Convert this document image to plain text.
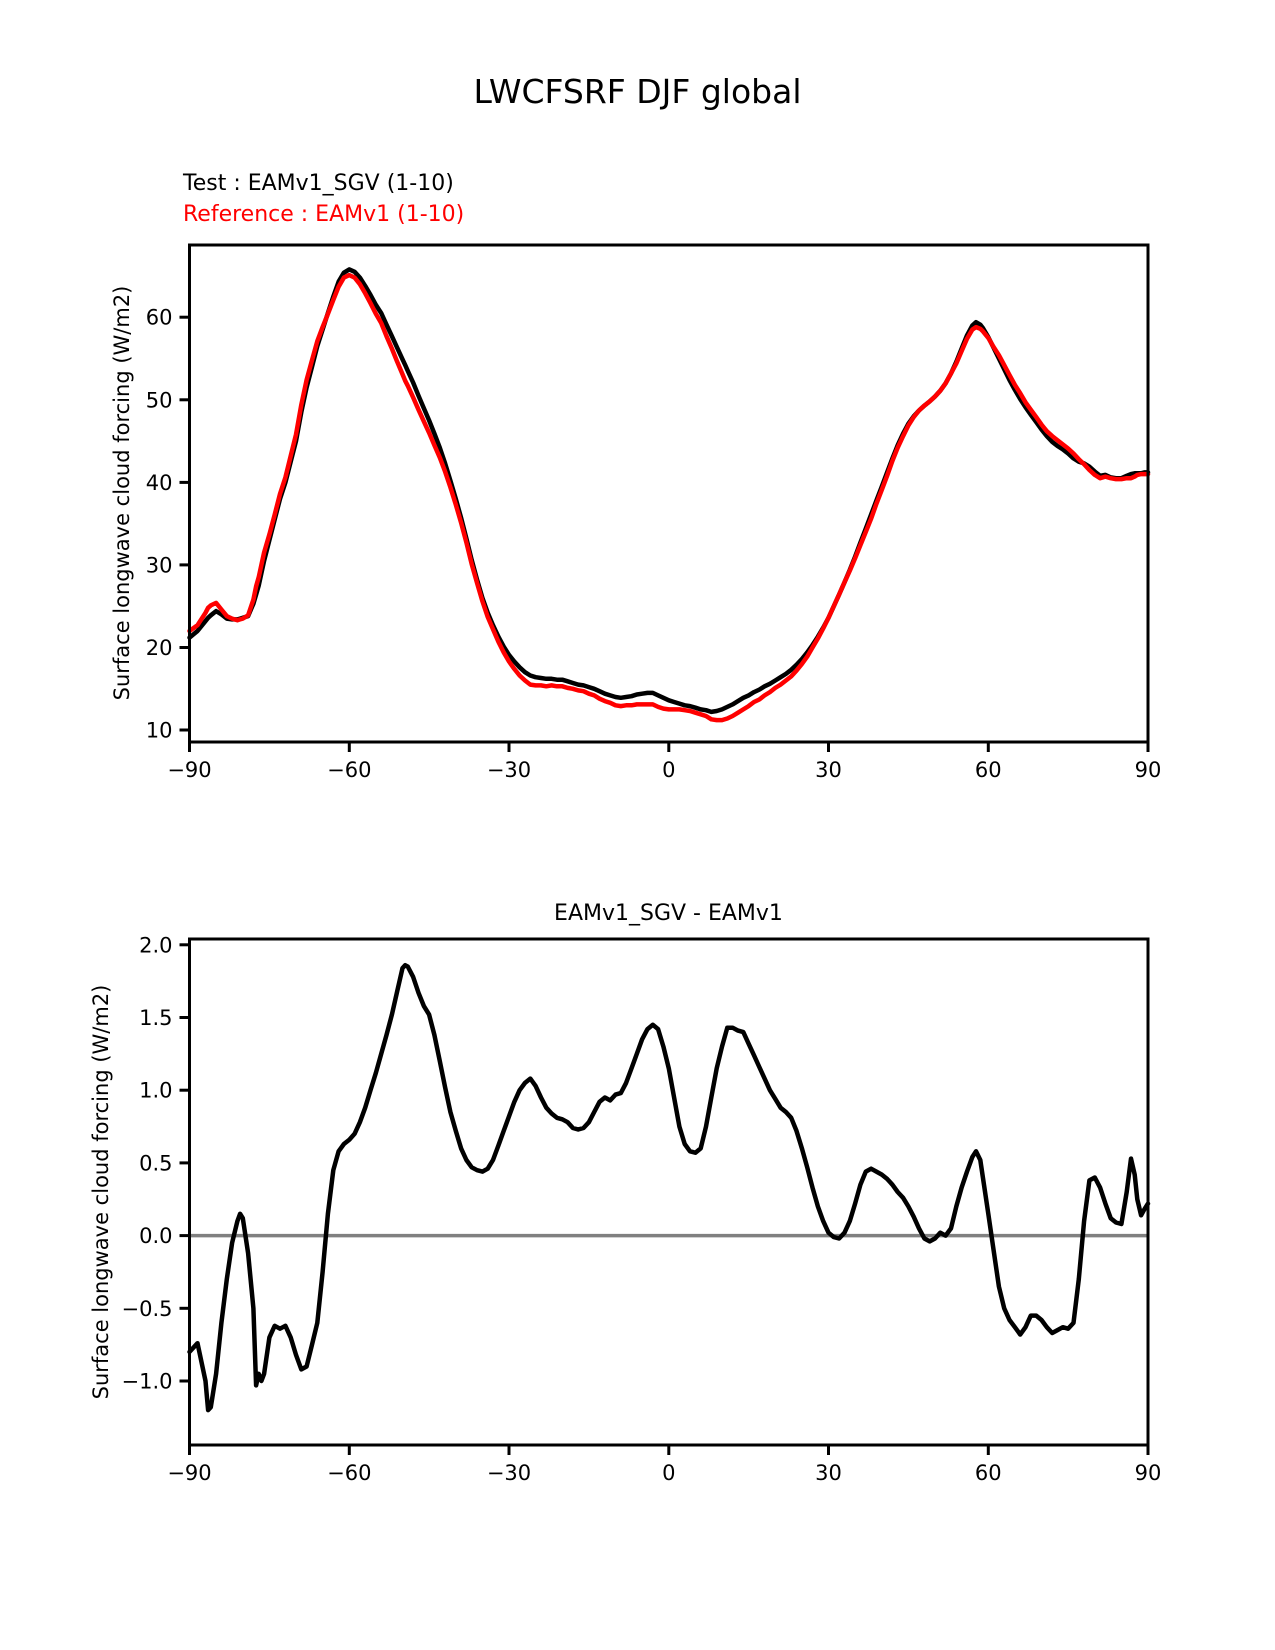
−90	−60	−30	0	30	60	90
10
20
30
40
50
60
−90	−60	−30	0	30	60	90
−1.0
−0.5
0.0
0.5
1.0
1.5
2.0
LWCFSRF DJF global
Test : EAMv1_SGV (1-10)
Reference : EAMv1 (1-10)
Surface longwave cloud forcing (W/m2)
EAMv1_SGV - EAMv1
Surface longwave cloud forcing (W/m2)
